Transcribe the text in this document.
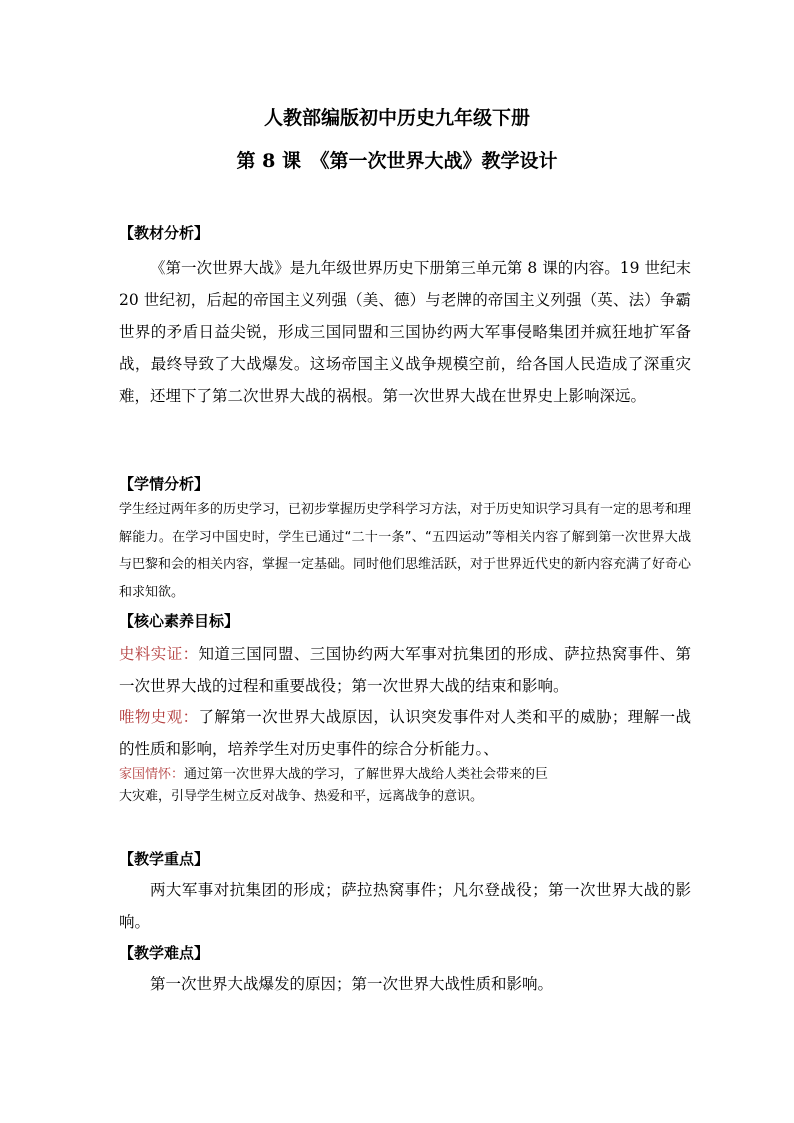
人教部编版初中历史九年级下册
第 8 课　《第一次世界大战》教学设计
【教材分析】

《第一次世界大战》是九年级世界历史下册第三单元第 8 课的内容。19 世纪末 20 世纪初，后起的帝国主义列强（美、德）与老牌的帝国主义列强（英、法）争霸世界的矛盾日益尖锐，形成三国同盟和三国协约两大军事侵略集团并疯狂地扩军备战，最终导致了大战爆发。这场帝国主义战争规模空前，给各国人民造成了深重灾难，还埋下了第二次世界大战的祸根。第一次世界大战在世界史上影响深远。

【学情分析】

学生经过两年多的历史学习，已初步掌握历史学科学习方法，对于历史知识学习具有一定的思考和理解能力。在学习中国史时，学生已通过“二十一条”、“五四运动”等相关内容了解到第一次世界大战与巴黎和会的相关内容，掌握一定基础。同时他们思维活跃，对于世界近代史的新内容充满了好奇心和求知欲。

【核心素养目标】

史料实证：知道三国同盟、三国协约两大军事对抗集团的形成、萨拉热窝事件、第一次世界大战的过程和重要战役；第一次世界大战的结束和影响。

唯物史观：了解第一次世界大战原因，认识突发事件对人类和平的威胁；理解一战的性质和影响，培养学生对历史事件的综合分析能力。、

家国情怀：通过第一次世界大战的学习，了解世界大战给人类社会带来的巨
大灾难，引导学生树立反对战争、热爱和平，远离战争的意识。
【教学重点】

两大军事对抗集团的形成；萨拉热窝事件；凡尔登战役；第一次世界大战的影响。

【教学难点】

第一次世界大战爆发的原因；第一次世界大战性质和影响。
